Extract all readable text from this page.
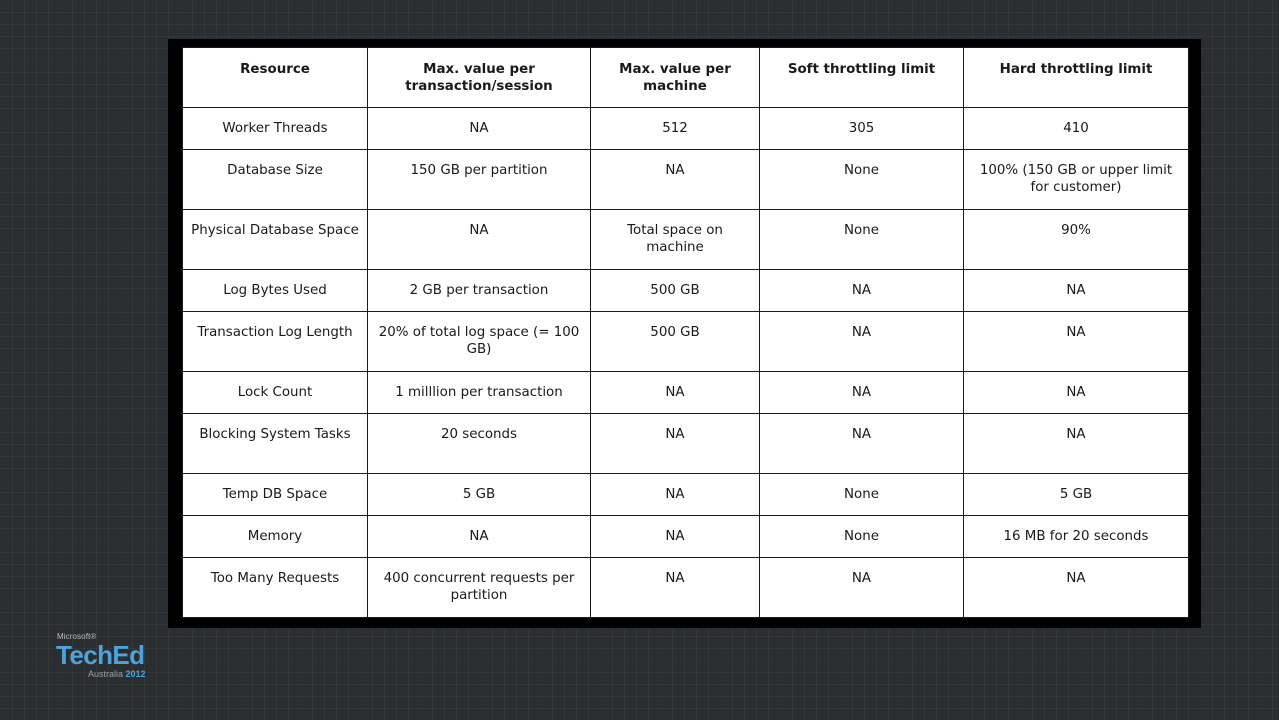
Resource	Max. value per transaction/session	Max. value per machine	Soft throttling limit	Hard throttling limit
Worker Threads	NA	512	305	410
Database Size	150 GB per partition	NA	None	100% (150 GB or upper limit for customer)
Physical Database Space	NA	Total space on machine	None	90%
Log Bytes Used	2 GB per transaction	500 GB	NA	NA
Transaction Log Length	20% of total log space (= 100 GB)	500 GB	NA	NA
Lock Count	1 milllion per transaction	NA	NA	NA
Blocking System Tasks	20 seconds	NA	NA	NA
Temp DB Space	5 GB	NA	None	5 GB
Memory	NA	NA	None	16 MB for 20 seconds
Too Many Requests	400 concurrent requests per partition	NA	NA	NA
Microsoft®
TechEd
Australia 2012
